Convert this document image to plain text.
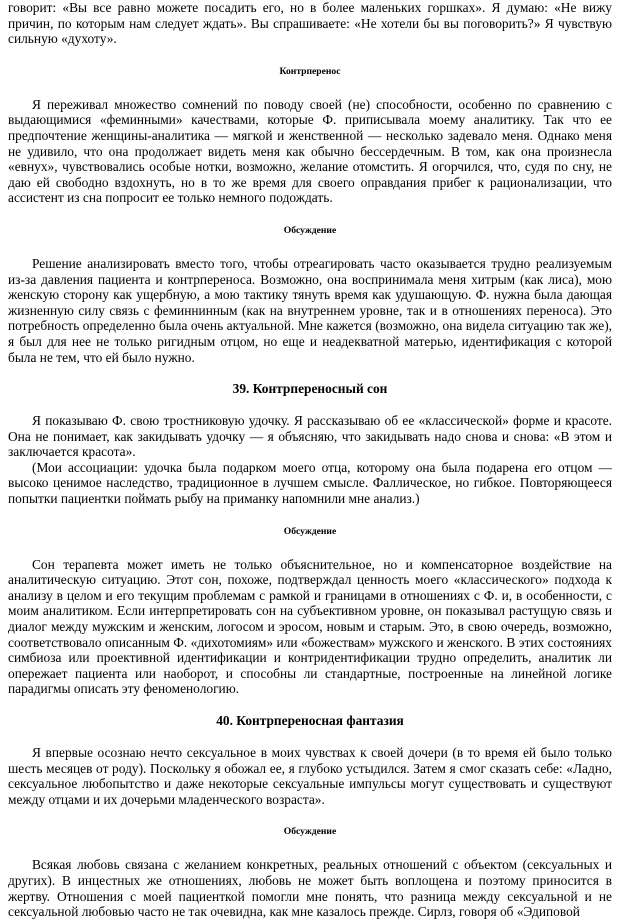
говорит: «Вы все равно можете посадить его, но в более маленьких горшках». Я думаю: «Не вижу причин, по которым нам следует ждать». Вы спрашиваете: «Не хотели бы вы поговорить?» Я чувствую сильную «духоту».

Контрперенос

Я переживал множество сомнений по поводу своей (не) способности, особенно по сравнению с выдающимися «феминными» качествами, которые Ф. приписывала моему аналитику. Так что ее предпочтение женщины-аналитика — мягкой и женственной — несколько задевало меня. Однако меня не удивило, что она продолжает видеть меня как обычно бессердечным. В том, как она произнесла «евнух», чувствовались особые нотки, возможно, желание отомстить. Я огорчился, что, судя по сну, не даю ей свободно вздохнуть, но в то же время для своего оправдания прибег к рационализации, что ассистент из сна попросит ее только немного подождать.

Обсуждение

Решение анализировать вместо того, чтобы отреагировать часто оказывается трудно реализуемым из-за давления пациента и контрпереноса. Возможно, она воспринимала меня хитрым (как лиса), мою женскую сторону как ущербную, а мою тактику тянуть время как удушающую. Ф. нужна была дающая жизненную силу связь с феминнинным (как на внутреннем уровне, так и в отношениях переноса). Это потребность определенно была очень актуальной. Мне кажется (возможно, она видела ситуацию так же), я был для нее не только ригидным отцом, но еще и неадекватной матерью, идентификация с которой была не тем, что ей было нужно.

39. Контрпереносный сон

Я показываю Ф. свою тростниковую удочку. Я рассказываю об ее «классической» форме и красоте. Она не понимает, как закидывать удочку — я объясняю, что закидывать надо снова и снова: «В этом и заключается красота».

(Мои ассоциации: удочка была подарком моего отца, которому она была подарена его отцом — высоко ценимое наследство, традиционное в лучшем смысле. Фаллическое, но гибкое. Повторяющееся попытки пациентки поймать рыбу на приманку напомнили мне анализ.)

Обсуждение

Сон терапевта может иметь не только объяснительное, но и компенсаторное воздействие на аналитическую ситуацию. Этот сон, похоже, подтверждал ценность моего «классического» подхода к анализу в целом и его текущим проблемам с рамкой и границами в отношениях с Ф. и, в особенности, с моим аналитиком. Если интерпретировать сон на субъективном уровне, он показывал растущую связь и диалог между мужским и женским, логосом и эросом, новым и старым. Это, в свою очередь, возможно, соответствовало описанным Ф. «дихотомиям» или «божествам» мужского и женского. В этих состояниях симбиоза или проективной идентификации и контридентификации трудно определить, аналитик ли опережает пациента или наоборот, и способны ли стандартные, построенные на линейной логике парадигмы описать эту феноменологию.

40. Контрпереносная фантазия

Я впервые осознаю нечто сексуальное в моих чувствах к своей дочери (в то время ей было только шесть месяцев от роду). Поскольку я обожал ее, я глубоко устыдился. Затем я смог сказать себе: «Ладно, сексуальное любопытство и даже некоторые сексуальные импульсы могут существовать и существуют между отцами и их дочерьми младенческого возраста».

Обсуждение

Всякая любовь связана с желанием конкретных, реальных отношений с объектом (сексуальных и других). В инцестных же отношениях, любовь не может быть воплощена и поэтому приносится в жертву. Отношения с моей пациенткой помогли мне понять, что разница между сексуальной и не сексуальной любовью часто не так очевидна, как мне казалось прежде. Сирлз, говоря об «Эдиповой
